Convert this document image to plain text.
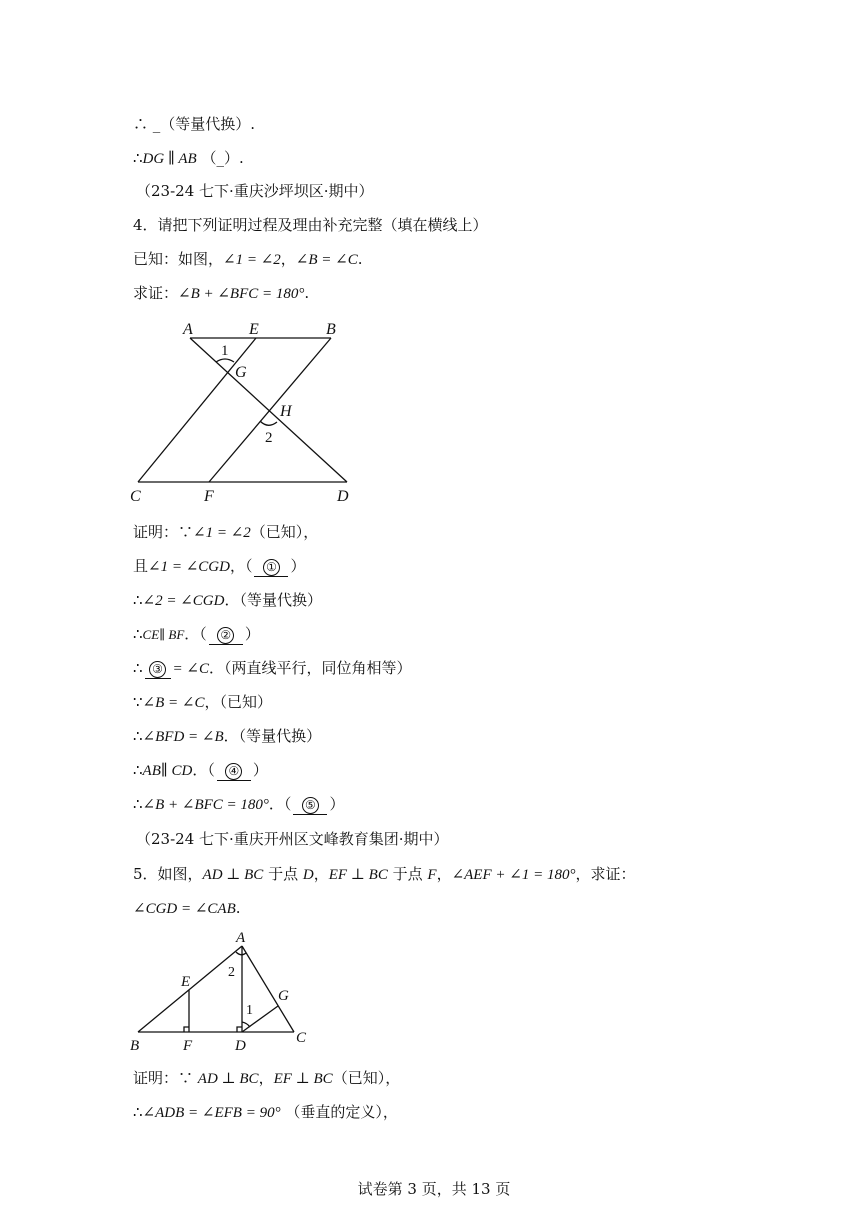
∴ _（等量代换）.
∴DG ∥ AB （_）.
（23-24 七下·重庆沙坪坝区·期中）
4．请把下列证明过程及理由补充完整（填在横线上）
已知：如图，∠1 = ∠2，∠B = ∠C.
求证：∠B + ∠BFC = 180°.
A	E	B
G
H
C	F	D
1
2
证明：∵∠1 = ∠2（已知），
且∠1 = ∠CGD，（ ① ）
∴∠2 = ∠CGD．（等量代换）
∴CE∥ BF．（ ② ）
∴ ③ = ∠C．（两直线平行，同位角相等）
∵∠B = ∠C，（已知）
∴∠BFD = ∠B．（等量代换）
∴AB∥ CD．（ ④ ）
∴∠B + ∠BFC = 180°．（ ⑤ ）
（23-24 七下·重庆开州区文峰教育集团·期中）
5．如图，AD ⊥ BC 于点 D，EF ⊥ BC 于点 F，∠AEF + ∠1 = 180°，求证：
∠CGD = ∠CAB.
A
E
G
B	F	D	C
2
1
证明：∵ AD ⊥ BC，EF ⊥ BC（已知），
∴∠ADB = ∠EFB = 90° （垂直的定义），
试卷第 3 页，共 13 页
